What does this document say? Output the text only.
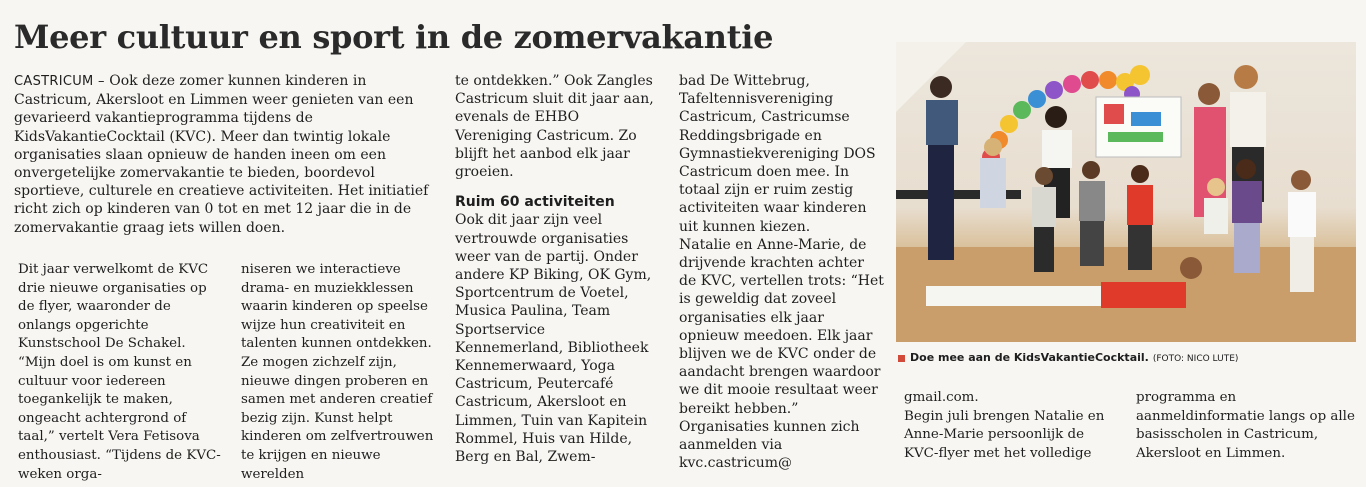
Meer cultuur en sport in de zomervakantie

CASTRICUM – Ook deze zomer kunnen kinderen in Castricum, Akersloot en Limmen weer genieten van een gevarieerd vakantieprogramma tijdens de KidsVakantieCocktail (KVC). Meer dan twintig lokale organisaties slaan opnieuw de handen ineen om een onvergetelijke zomervakantie te bieden, boordevol sportieve, culturele en creatieve activiteiten. Het initiatief richt zich op kinderen van 0 tot en met 12 jaar die in de zomervakantie graag iets willen doen.

Dit jaar verwelkomt de KVC drie nieuwe organisaties op de flyer, waaronder de onlangs opgerichte Kunstschool De Schakel. “Mijn doel is om kunst en cultuur voor iedereen toegankelijk te maken, ongeacht achtergrond of taal,” vertelt Vera Fetisova enthousiast. “Tijdens de KVC-weken orga-

niseren we interactieve drama- en muziekklessen waarin kinderen op speelse wijze hun creativiteit en talenten kunnen ontdekken. Ze mogen zichzelf zijn, nieuwe dingen proberen en samen met anderen creatief bezig zijn. Kunst helpt kinderen om zelfvertrouwen te krijgen en nieuwe werelden

te ontdekken.” Ook Zangles Castricum sluit dit jaar aan, evenals de EHBO Vereniging Castricum. Zo blijft het aanbod elk jaar groeien.

Ruim 60 activiteiten

Ook dit jaar zijn veel vertrouwde organisaties weer van de partij. Onder andere KP Biking, OK Gym, Sportcentrum de Voetel, Musica Paulina, Team Sportservice Kennemerland, Bibliotheek Kennemerwaard, Yoga Castricum, Peutercafé Castricum, Akersloot en Limmen, Tuin van Kapitein Rommel, Huis van Hilde, Berg en Bal, Zwem-

bad De Wittebrug, Tafeltennisvereniging Castricum, Castricumse Reddingsbrigade en Gymnastiekvereniging DOS Castricum doen mee. In totaal zijn er ruim zestig activiteiten waar kinderen uit kunnen kiezen.

Natalie en Anne-Marie, de drijvende krachten achter de KVC, vertellen trots: “Het is geweldig dat zoveel organisaties elk jaar opnieuw meedoen. Elk jaar blijven we de KVC onder de aandacht brengen waardoor we dit mooie resultaat weer bereikt hebben.” Organisaties kunnen zich aanmelden via kvc.castricum@

Doe mee aan de KidsVakantieCocktail. (FOTO: NICO LUTE)

gmail.com.

Begin juli brengen Natalie en Anne-Marie persoonlijk de KVC-flyer met het volledige

programma en aanmeldinformatie langs op alle basisscholen in Castricum, Akersloot en Limmen.
